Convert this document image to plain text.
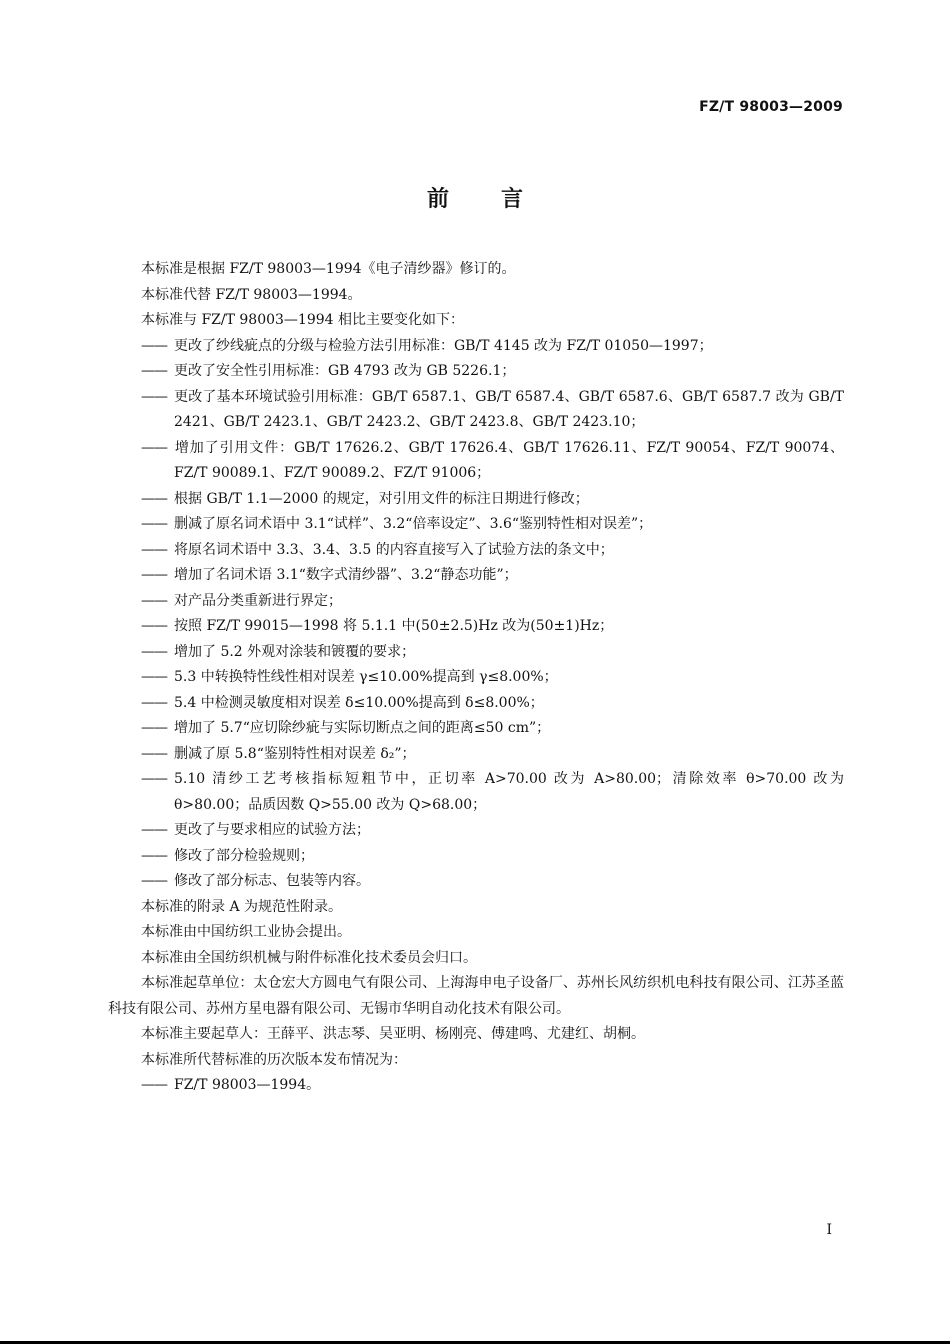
FZ/T 98003—2009
前言

本标准是根据 FZ/T 98003—1994《电子清纱器》修订的。

本标准代替 FZ/T 98003—1994。

本标准与 FZ/T 98003—1994 相比主要变化如下：

—— 更改了纱线疵点的分级与检验方法引用标准：GB/T 4145 改为 FZ/T 01050—1997；

—— 更改了安全性引用标准：GB 4793 改为 GB 5226.1；

—— 更改了基本环境试验引用标准：GB/T 6587.1、GB/T 6587.4、GB/T 6587.6、GB/T 6587.7 改为 GB/T 2421、GB/T 2423.1、GB/T 2423.2、GB/T 2423.8、GB/T 2423.10；

—— 增加了引用文件：GB/T 17626.2、GB/T 17626.4、GB/T 17626.11、FZ/T 90054、FZ/T 90074、FZ/T 90089.1、FZ/T 90089.2、FZ/T 91006；

—— 根据 GB/T 1.1—2000 的规定，对引用文件的标注日期进行修改；

—— 删减了原名词术语中 3.1“试样”、3.2“倍率设定”、3.6“鉴别特性相对误差”；

—— 将原名词术语中 3.3、3.4、3.5 的内容直接写入了试验方法的条文中；

—— 增加了名词术语 3.1“数字式清纱器”、3.2“静态功能”；

—— 对产品分类重新进行界定；

—— 按照 FZ/T 99015—1998 将 5.1.1 中(50±2.5)Hz 改为(50±1)Hz；

—— 增加了 5.2 外观对涂装和镀覆的要求；

—— 5.3 中转换特性线性相对误差 γ≤10.00%提高到 γ≤8.00%；

—— 5.4 中检测灵敏度相对误差 δ≤10.00%提高到 δ≤8.00%；

—— 增加了 5.7“应切除纱疵与实际切断点之间的距离≤50 cm”；

—— 删减了原 5.8“鉴别特性相对误差 δ₂”；

—— 5.10 清纱工艺考核指标短粗节中，正切率 A>70.00 改为 A>80.00；清除效率 θ>70.00 改为 θ>80.00；品质因数 Q>55.00 改为 Q>68.00；

—— 更改了与要求相应的试验方法；

—— 修改了部分检验规则；

—— 修改了部分标志、包装等内容。

本标准的附录 A 为规范性附录。

本标准由中国纺织工业协会提出。

本标准由全国纺织机械与附件标准化技术委员会归口。

本标准起草单位：太仓宏大方圆电气有限公司、上海海申电子设备厂、苏州长风纺织机电科技有限公司、江苏圣蓝科技有限公司、苏州方星电器有限公司、无锡市华明自动化技术有限公司。

本标准主要起草人：王薛平、洪志琴、吴亚明、杨刚亮、傅建鸣、尤建红、胡桐。

本标准所代替标准的历次版本发布情况为：

—— FZ/T 98003—1994。

I
